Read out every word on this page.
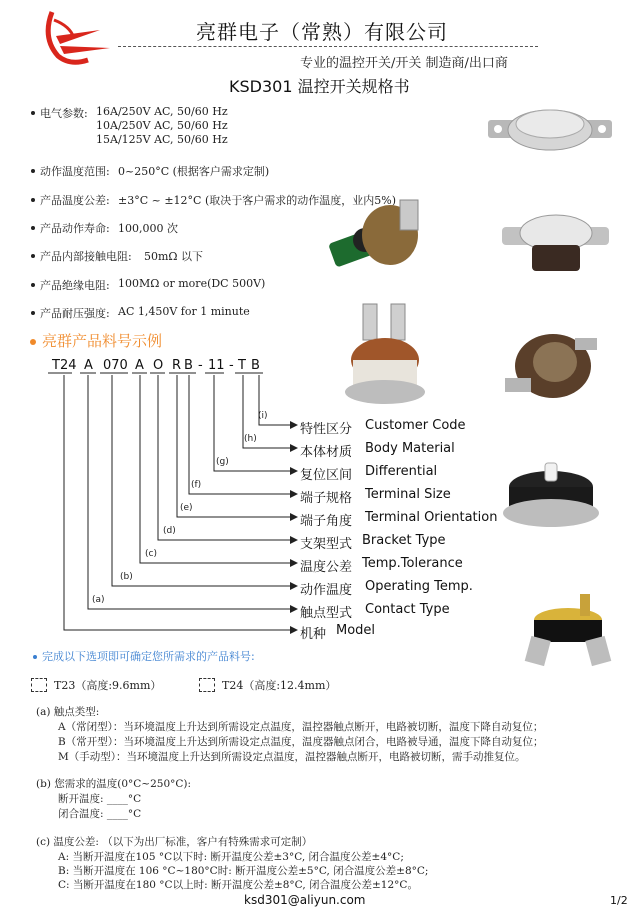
亮群电子（常熟）有限公司
专业的温控开关/开关 制造商/出口商
KSD301 温控开关规格书
电气参数: 16A/250V AC, 50/60 Hz
10A/250V AC, 50/60 Hz
15A/125V AC, 50/60 Hz
动作温度范围: 0~250°C (根据客户需求定制)
产品温度公差: ±3°C ~ ±12°C (取决于客户需求的动作温度，业内5%)
产品动作寿命: 100,000 次
产品内部接触电阻: 50mΩ 以下
产品绝缘电阻: 100MΩ or more(DC 500V)
产品耐压强度: AC 1,450V for 1 minute
亮群产品料号示例
T24 A 070 A O R B - 11 - T B
(i)
(h)
(g)
(f)
(e)
(d)
(c)
(b)
(a)
特性区分 Customer Code
本体材质 Body Material
复位区间 Differential
端子规格 Terminal Size
端子角度 Terminal Orientation
支架型式 Bracket Type
温度公差 Temp.Tolerance
动作温度 Operating Temp.
触点型式 Contact Type
机种 Model
完成以下选项即可确定您所需求的产品料号:
T23（高度:9.6mm）	T24（高度:12.4mm）
(a) 触点类型:
A（常闭型）：当环境温度上升达到所需设定点温度，温控器触点断开，电路被切断，温度下降自动复位；
B（常开型）：当环境温度上升达到所需设定点温度，温度器触点闭合，电路被导通，温度下降自动复位；
M（手动型）：当环境温度上升达到所需设定点温度，温控器触点断开，电路被切断，需手动推复位。
(b) 您需求的温度(0°C~250°C):
断开温度: ____°C
闭合温度: ____°C
(c) 温度公差: （以下为出厂标准，客户有特殊需求可定制）
A: 当断开温度在105 °C以下时: 断开温度公差±3°C, 闭合温度公差±4°C;
B: 当断开温度在 106 °C~180°C时: 断开温度公差±5°C, 闭合温度公差±8°C;
C: 当断开温度在180 °C以上时: 断开温度公差±8°C, 闭合温度公差±12°C。
ksd301@aliyun.com	1/2
